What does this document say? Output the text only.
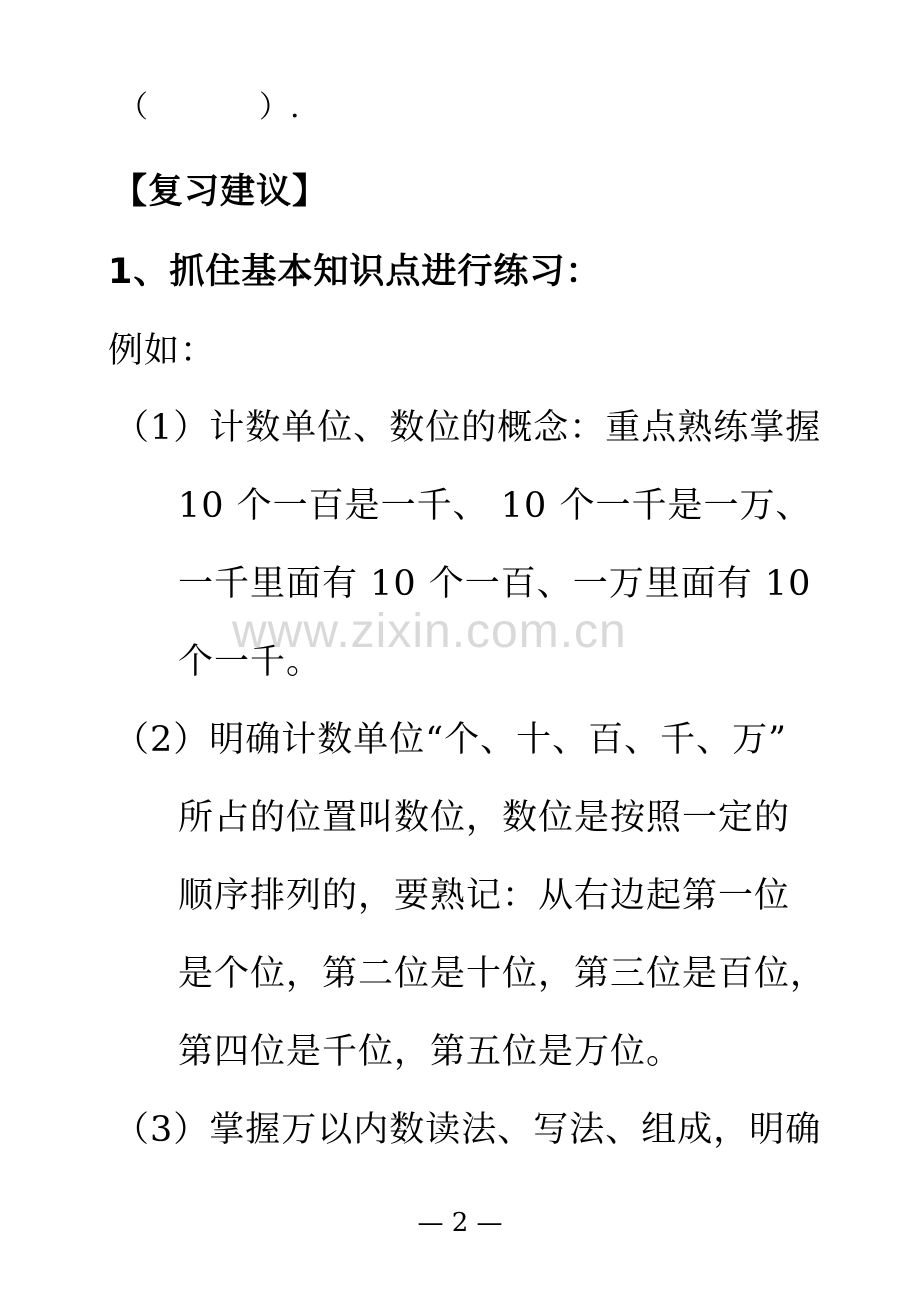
（	）.
【复习建议】
1、抓住基本知识点进行练习：
例如：
（1）计数单位、数位的概念：重点熟练掌握
10 个一百是一千、 10 个一千是一万、
一千里面有 10 个一百、一万里面有 10
个一千。
（2）明确计数单位“个、十、百、千、万”
所占的位置叫数位，数位是按照一定的
顺序排列的，要熟记：从右边起第一位
是个位，第二位是十位，第三位是百位，
第四位是千位，第五位是万位。
（3）掌握万以内数读法、写法、组成，明确
www.zixin.com.cn
— 2 —
